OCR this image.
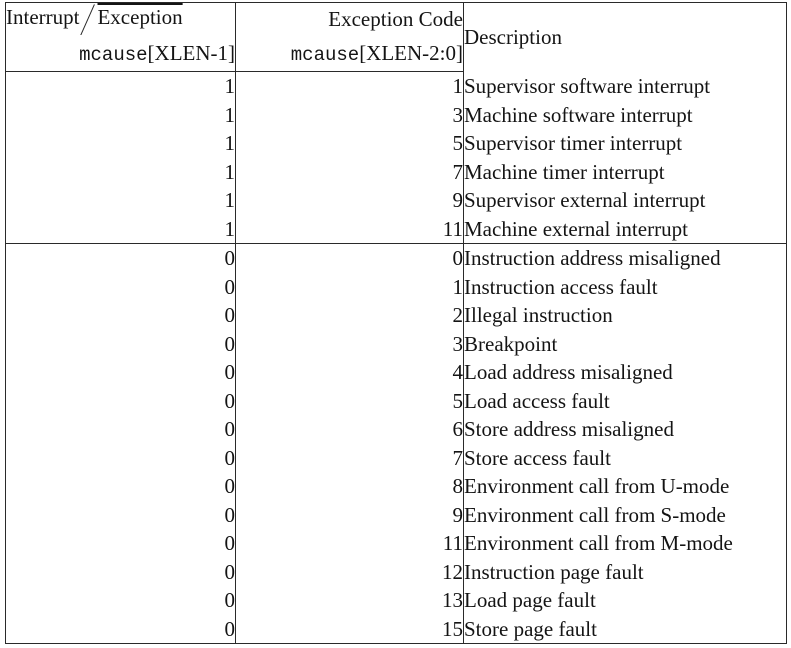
Interrupt Exception	Exception Code	Description
mcause[XLEN-1]	mcause[XLEN-2:0]	
1	1	Supervisor software interrupt
1	3	Machine software interrupt
1	5	Supervisor timer interrupt
1	7	Machine timer interrupt
1	9	Supervisor external interrupt
1	11	Machine external interrupt
0	0	Instruction address misaligned
0	1	Instruction access fault
0	2	Illegal instruction
0	3	Breakpoint
0	4	Load address misaligned
0	5	Load access fault
0	6	Store address misaligned
0	7	Store access fault
0	8	Environment call from U-mode
0	9	Environment call from S-mode
0	11	Environment call from M-mode
0	12	Instruction page fault
0	13	Load page fault
0	15	Store page fault
